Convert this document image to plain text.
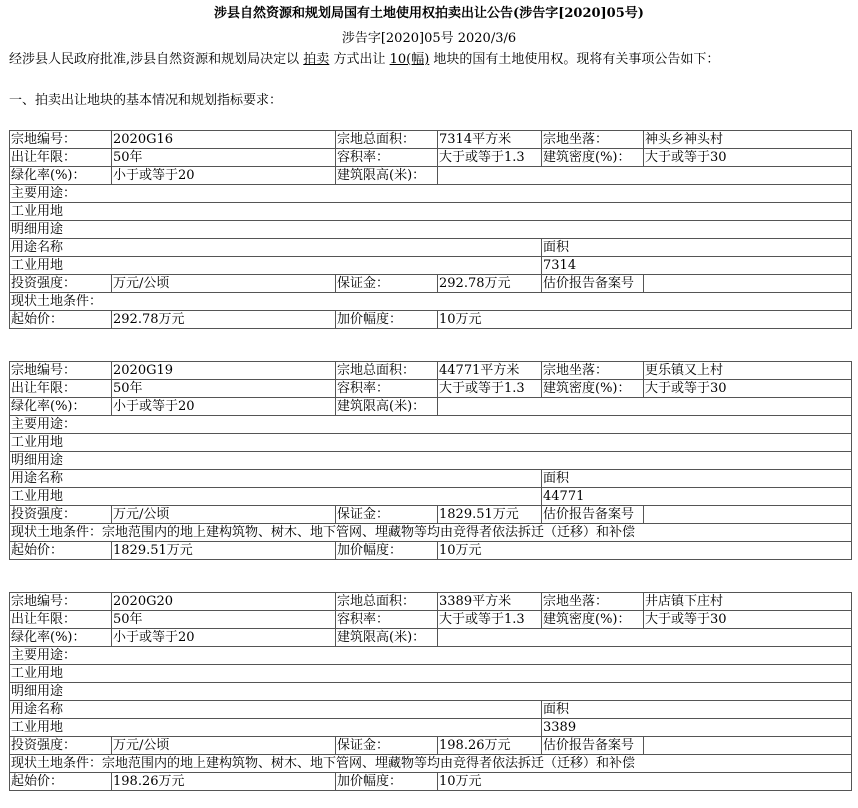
涉县自然资源和规划局国有土地使用权拍卖出让公告(涉告字[2020]05号)
涉告字[2020]05号 2020/3/6
经涉县人民政府批准,涉县自然资源和规划局决定以 拍卖 方式出让 10(幅) 地块的国有土地使用权。现将有关事项公告如下：
一、拍卖出让地块的基本情况和规划指标要求：
宗地编号：	2020G16	宗地总面积：	7314平方米	宗地坐落：	神头乡神头村
出让年限：	50年	容积率：	大于或等于1.3	建筑密度(%)：	大于或等于30
绿化率(%)：	小于或等于20	建筑限高(米)：			
主要用途：					
工业用地					
明细用途					
用途名称				面积	
工业用地				7314	
投资强度：	万元/公顷	保证金：	292.78万元	估价报告备案号	
现状土地条件：					
起始价：	292.78万元	加价幅度：	10万元		
宗地编号：	2020G19	宗地总面积：	44771平方米	宗地坐落：	更乐镇又上村
出让年限：	50年	容积率：	大于或等于1.3	建筑密度(%)：	大于或等于30
绿化率(%)：	小于或等于20	建筑限高(米)：			
主要用途：					
工业用地					
明细用途					
用途名称				面积	
工业用地				44771	
投资强度：	万元/公顷	保证金：	1829.51万元	估价报告备案号	
现状土地条件：宗地范围内的地上建构筑物、树木、地下管网、埋藏物等均由竞得者依法拆迁（迁移）和补偿					
起始价：	1829.51万元	加价幅度：	10万元		
宗地编号：	2020G20	宗地总面积：	3389平方米	宗地坐落：	井店镇下庄村
出让年限：	50年	容积率：	大于或等于1.3	建筑密度(%)：	大于或等于30
绿化率(%)：	小于或等于20	建筑限高(米)：			
主要用途：					
工业用地					
明细用途					
用途名称				面积	
工业用地				3389	
投资强度：	万元/公顷	保证金：	198.26万元	估价报告备案号	
现状土地条件：宗地范围内的地上建构筑物、树木、地下管网、埋藏物等均由竞得者依法拆迁（迁移）和补偿					
起始价：	198.26万元	加价幅度：	10万元		
